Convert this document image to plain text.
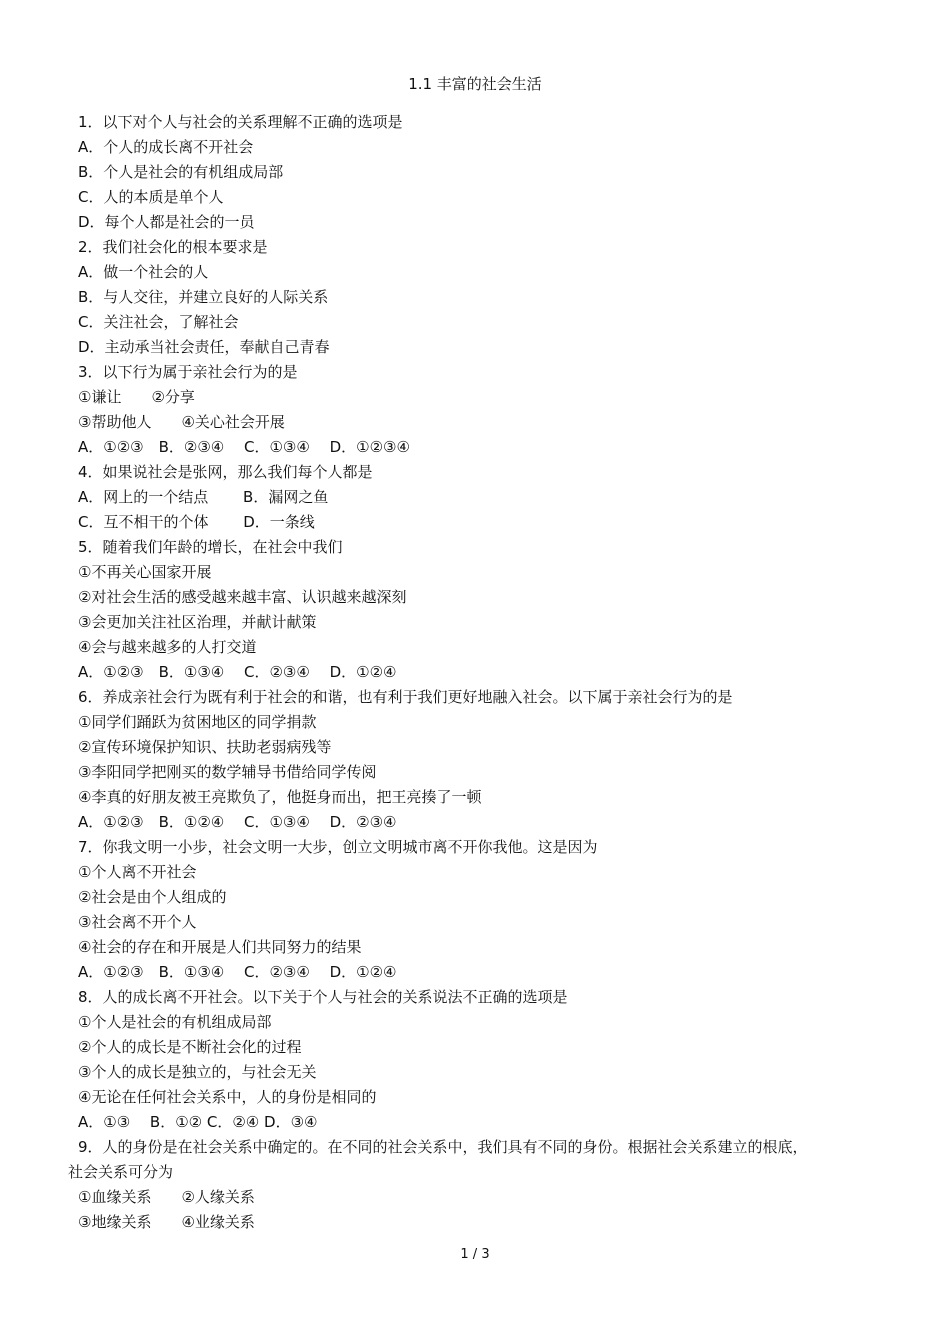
1.1 丰富的社会生活
1．以下对个人与社会的关系理解不正确的选项是
A．个人的成长离不开社会
B．个人是社会的有机组成局部
C．人的本质是单个人
D．每个人都是社会的一员
2．我们社会化的根本要求是
A．做一个社会的人
B．与人交往，并建立良好的人际关系
C．关注社会，了解社会
D．主动承当社会责任，奉献自己青春
3．以下行为属于亲社会行为的是
①谦让　　②分享
③帮助他人　　④关心社会开展
A．①②③　B．②③④　 C．①③④　 D．①②③④
4．如果说社会是张网，那么我们每个人都是
A．网上的一个结点　　 B．漏网之鱼
C．互不相干的个体　　 D．一条线
5．随着我们年龄的增长，在社会中我们
①不再关心国家开展
②对社会生活的感受越来越丰富、认识越来越深刻
③会更加关注社区治理，并献计献策
④会与越来越多的人打交道
A．①②③　B．①③④　 C．②③④　 D．①②④
6．养成亲社会行为既有利于社会的和谐，也有利于我们更好地融入社会。以下属于亲社会行为的是
①同学们踊跃为贫困地区的同学捐款
②宣传环境保护知识、扶助老弱病残等
③李阳同学把刚买的数学辅导书借给同学传阅
④李真的好朋友被王亮欺负了，他挺身而出，把王亮揍了一顿
A．①②③　B．①②④　 C．①③④　 D．②③④
7．你我文明一小步，社会文明一大步，创立文明城市离不开你我他。这是因为
①个人离不开社会
②社会是由个人组成的
③社会离不开个人
④社会的存在和开展是人们共同努力的结果
A．①②③　B．①③④　 C．②③④　 D．①②④
8．人的成长离不开社会。以下关于个人与社会的关系说法不正确的选项是
①个人是社会的有机组成局部
②个人的成长是不断社会化的过程
③个人的成长是独立的，与社会无关
④无论在任何社会关系中，人的身份是相同的
A．①③　 B．①② C．②④ D．③④
9．人的身份是在社会关系中确定的。在不同的社会关系中，我们具有不同的身份。根据社会关系建立的根底，
社会关系可分为
①血缘关系　　②人缘关系
③地缘关系　　④业缘关系
1 / 3
